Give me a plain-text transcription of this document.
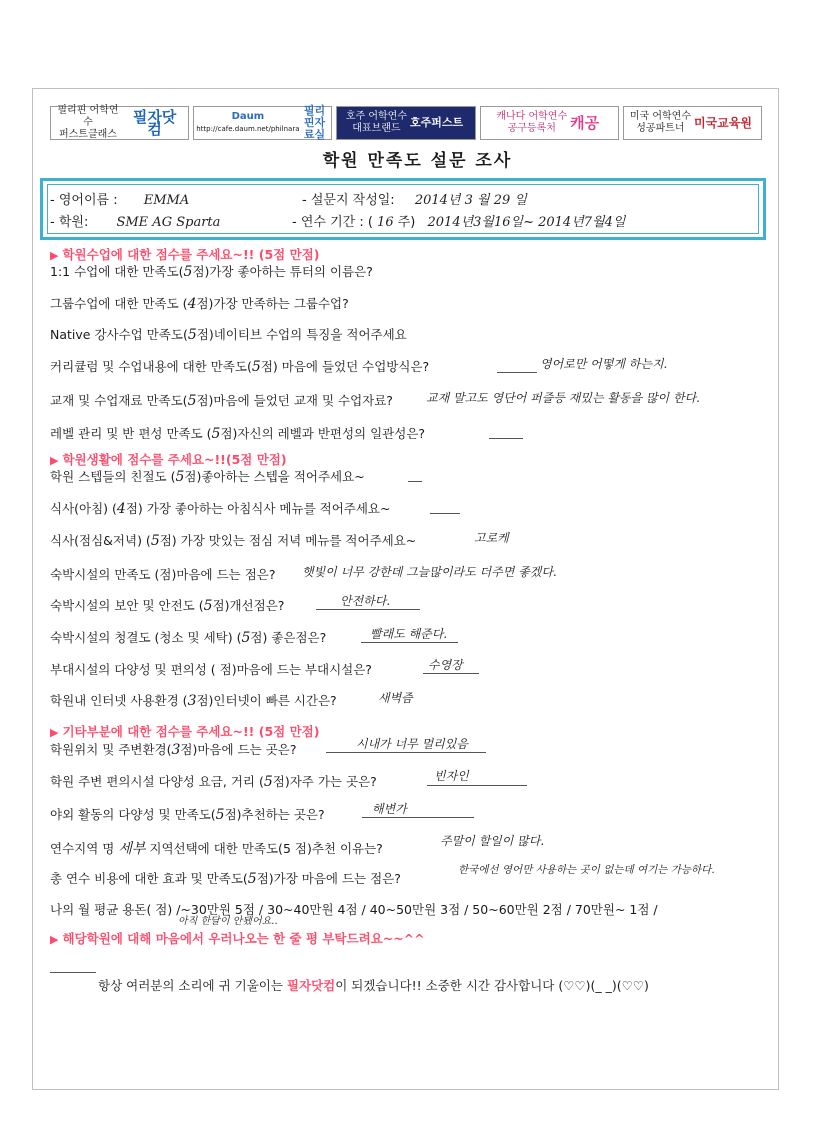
필리핀 어학연수
퍼스트클래스
필자닷컴
Daum
http://cafe.daum.net/philnara
필리핀자료실
호주 어학연수
대표브랜드 호주퍼스트	캐나다 어학연수
공구등록처 캐공	미국 어학연수
성공파트너 미국교육원
학원 만족도 설문 조사
- 영어이름 : EMMA	- 설문지 작성일: 2014년 3 월 29 일
- 학원: SME AG Sparta	- 연수 기간 : ( 16 주) 2014년3월16일~ 2014년7월4일
▶ 학원수업에 대한 점수를 주세요~!! (5점 만점)
1:1 수업에 대한 만족도(5점)가장 좋아하는 튜터의 이름은?
그룹수업에 대한 만족도 (4점)가장 만족하는 그룹수업?
Native 강사수업 만족도(5점)네이티브 수업의 특징을 적어주세요
커리큘럼 및 수업내용에 대한 만족도(5점) 마음에 들었던 수업방식은?	영어로만 어떻게 하는지.
교재 및 수업재료 만족도(5점)마음에 들었던 교재 및 수업자료?	교재 말고도 영단어 퍼즐등 재밌는 활동을 많이 한다.
레벨 관리 및 반 편성 만족도 (5점)자신의 레벨과 반편성의 일관성은?
▶ 학원생활에 점수를 주세요~!!(5점 만점)
학원 스텝들의 친절도 (5점)좋아하는 스텝을 적어주세요~
식사(아침) (4점) 가장 좋아하는 아침식사 메뉴를 적어주세요~
식사(점심&저녁) (5점) 가장 맛있는 점심 저녁 메뉴를 적어주세요~	고로케
숙박시설의 만족도 (점)마음에 드는 점은? 햇빛이 너무 강한데 그늘많이라도 더주면 좋겠다.
숙박시설의 보안 및 안전도 (5점)개선점은?	안전하다.
숙박시설의 청결도 (청소 및 세탁) (5점) 좋은점은?	빨래도 해준다.
부대시설의 다양성 및 편의성 ( 점)마음에 드는 부대시설은?	수영장
학원내 인터넷 사용환경 (3점)인터넷이 빠른 시간은?	새벽즘
▶ 기타부분에 대한 점수를 주세요~!! (5점 만점)
학원위치 및 주변환경(3점)마음에 드는 곳은?	시내가 너무 멀리있음
학원 주변 편의시설 다양성 요금, 거리 (5점)자주 가는 곳은?	빈자인
야외 활동의 다양성 및 만족도(5점)추천하는 곳은?	해변가
연수지역 명 세부 지역선택에 대한 만족도(5 점)추천 이유는?	주말이 할일이 많다.
총 연수 비용에 대한 효과 및 만족도(5점)가장 마음에 드는 점은?
한국에선 영어만 사용하는 곳이 없는데 여기는 가능하다.
나의 월 평균 용돈( 점) /~30만원 5점 / 30~40만원 4점 / 40~50만원 3점 / 50~60만원 2점 / 70만원~ 1점 /
아직 한달이 안됐어요..
▶ 해당학원에 대해 마음에서 우러나오는 한 줄 평 부탁드려요~~^^
항상 여러분의 소리에 귀 기울이는 필자닷컴이 되겠습니다!! 소중한 시간 감사합니다 (♡♡)(_ _)(♡♡)
